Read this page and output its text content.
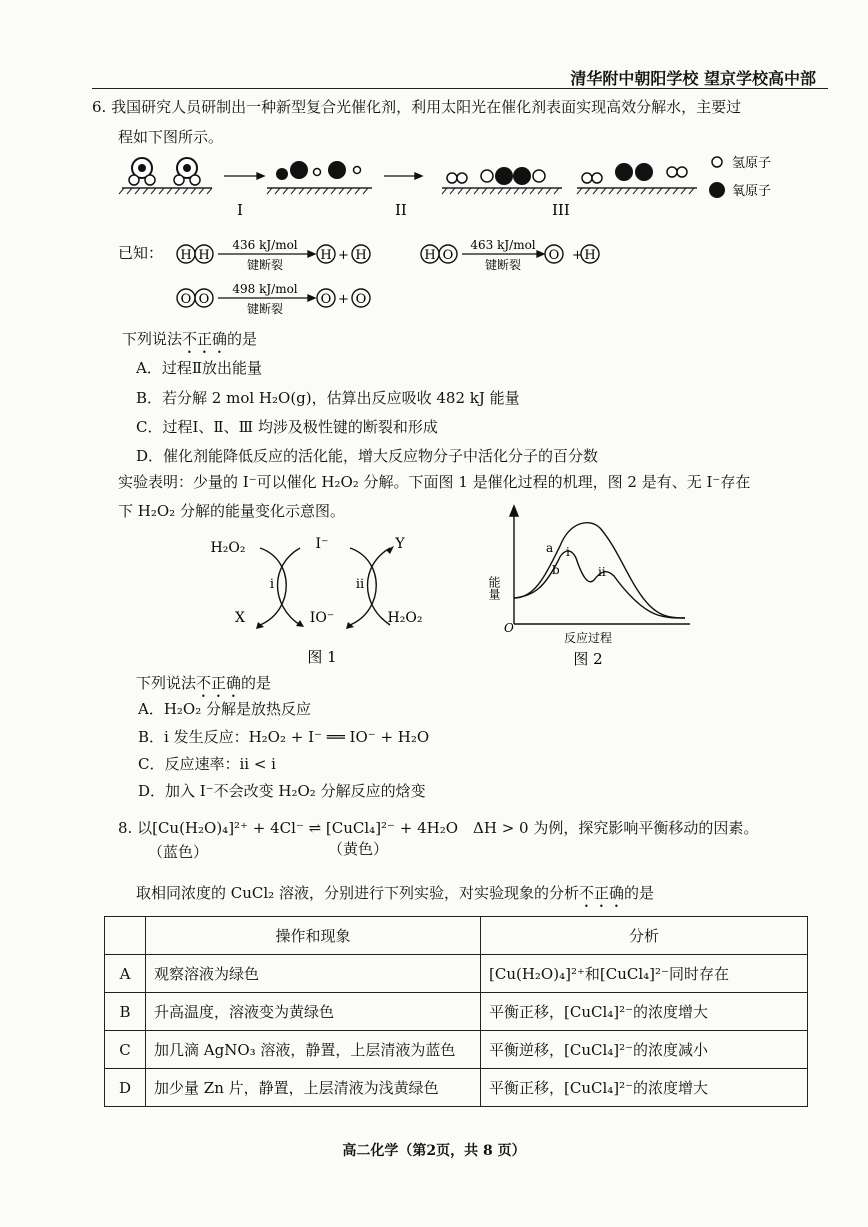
清华附中朝阳学校 望京学校高中部
6. 我国研究人员研制出一种新型复合光催化剂，利用太阳光在催化剂表面实现高效分解水，主要过
程如下图所示。
氢原子
氧原子
I	II	III
已知： H H	H H	H O	O H
O O	O O
+	+
+
436 kJ/mol
键断裂
463 kJ/mol
键断裂
498 kJ/mol
键断裂
下列说法不正确的是
A．过程Ⅱ放出能量
B．若分解 2 mol H₂O(g)，估算出反应吸收 482 kJ 能量
C．过程Ⅰ、Ⅱ、Ⅲ 均涉及极性键的断裂和形成
D．催化剂能降低反应的活化能，增大反应物分子中活化分子的百分数
实验表明：少量的 I⁻可以催化 H₂O₂ 分解。下面图 1 是催化过程的机理，图 2 是有、无 I⁻存在
下 H₂O₂ 分解的能量变化示意图。
H₂O₂	I⁻	Y
X	IO⁻	H₂O₂
i	ii
图 1
能量
O
反应过程
a
b
i
ii
图 2
下列说法不正确的是
A．H₂O₂ 分解是放热反应
B．i 发生反应：H₂O₂ + I⁻ ══ IO⁻ + H₂O
C．反应速率：ii < i
D．加入 I⁻不会改变 H₂O₂ 分解反应的焓变
8. 以[Cu(H₂O)₄]²⁺ + 4Cl⁻ ⇌ [CuCl₄]²⁻ + 4H₂O　ΔH > 0 为例，探究影响平衡移动的因素。
（蓝色）	（黄色）
取相同浓度的 CuCl₂ 溶液，分别进行下列实验，对实验现象的分析不正确的是
	操作和现象	分析
A	观察溶液为绿色	[Cu(H₂O)₄]²⁺和[CuCl₄]²⁻同时存在
B	升高温度，溶液变为黄绿色	平衡正移，[CuCl₄]²⁻的浓度增大
C	加几滴 AgNO₃ 溶液，静置，上层清液为蓝色	平衡逆移，[CuCl₄]²⁻的浓度减小
D	加少量 Zn 片，静置，上层清液为浅黄绿色	平衡正移，[CuCl₄]²⁻的浓度增大
高二化学（第2页，共 8 页）
